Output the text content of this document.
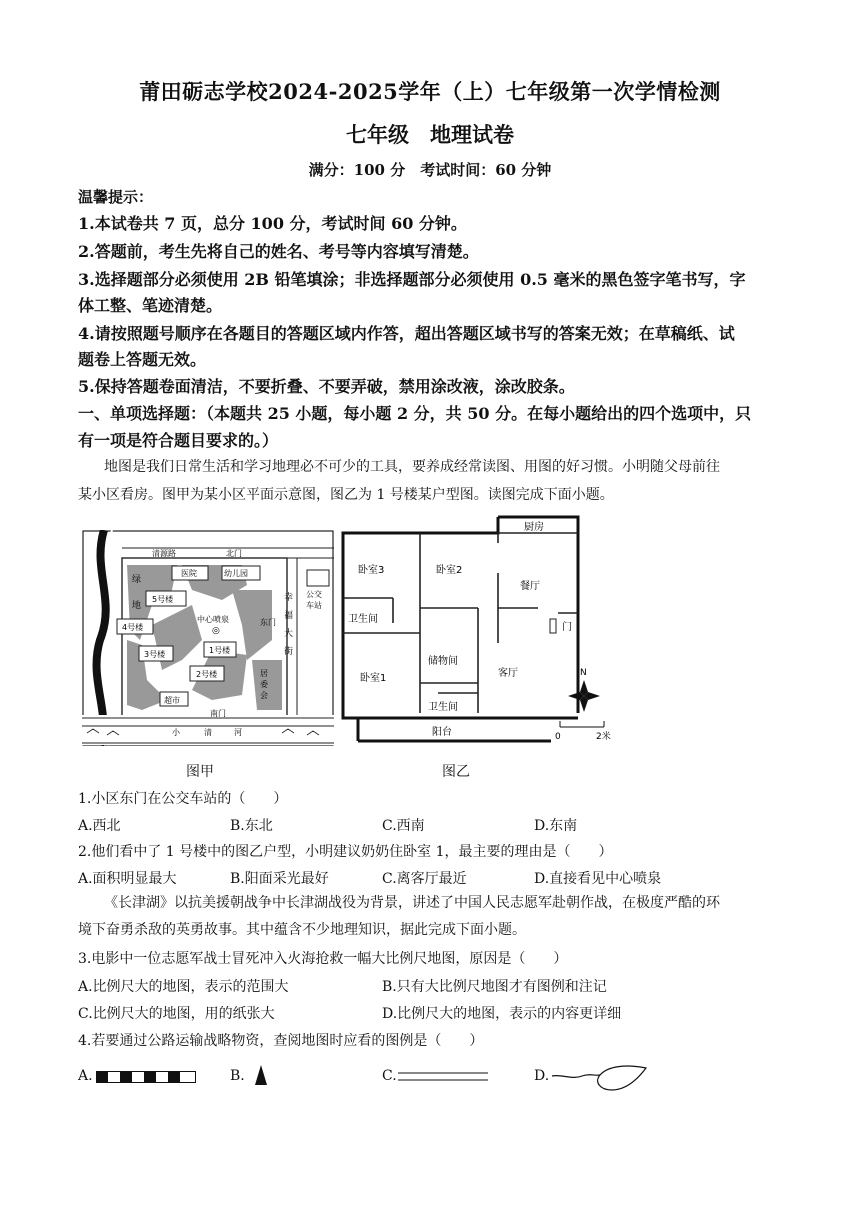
莆田砺志学校2024-2025学年（上）七年级第一次学情检测
七年级　地理试卷
满分：100 分　考试时间：60 分钟
温馨提示：
1.本试卷共 7 页，总分 100 分，考试时间 60 分钟。
2.答题前，考生先将自己的姓名、考号等内容填写清楚。
3.选择题部分必须使用 2B 铅笔填涂；非选择题部分必须使用 0.5 毫米的黑色签字笔书写，字
体工整、笔迹清楚。
4.请按照题号顺序在各题目的答题区域内作答，超出答题区域书写的答案无效；在草稿纸、试
题卷上答题无效。
5.保持答题卷面清洁，不要折叠、不要弄破，禁用涂改液，涂改胶条。
一、单项选择题：（本题共 25 小题，每小题 2 分，共 50 分。在每小题给出的四个选项中，只
有一项是符合题目要求的。）
地图是我们日常生活和学习地理必不可少的工具，要养成经常读图、用图的好习惯。小明随父母前往
某小区看房。图甲为某小区平面示意图，图乙为 1 号楼某户型图。读图完成下面小题。
清源路	北门
绿
地
医院	幼儿园
5号楼
4号楼
3号楼
2号楼
1号楼
中心喷泉
◎
东门
幸
福
大
街
公交
车站
居
委
会
超市
南门
小	清	河
图甲
N
0	2米
厨房
卧室3	卧室2
餐厅
卫生间
门
储物间
卧室1	客厅
卫生间
阳台
图乙
1.小区东门在公交车站的（　　）
A.西北	B.东北	C.西南	D.东南
2.他们看中了 1 号楼中的图乙户型，小明建议奶奶住卧室 1，最主要的理由是（　　）
A.面积明显最大	B.阳面采光最好	C.离客厅最近	D.直接看见中心喷泉
《长津湖》以抗美援朝战争中长津湖战役为背景，讲述了中国人民志愿军赴朝作战，在极度严酷的环
境下奋勇杀敌的英勇故事。其中蕴含不少地理知识，据此完成下面小题。
3.电影中一位志愿军战士冒死冲入火海抢救一幅大比例尺地图，原因是（　　）
A.比例尺大的地图，表示的范围大	B.只有大比例尺地图才有图例和注记
C.比例尺大的地图，用的纸张大	D.比例尺大的地图，表示的内容更详细
4.若要通过公路运输战略物资，查阅地图时应看的图例是（　　）
A.	B.	C.	D.
